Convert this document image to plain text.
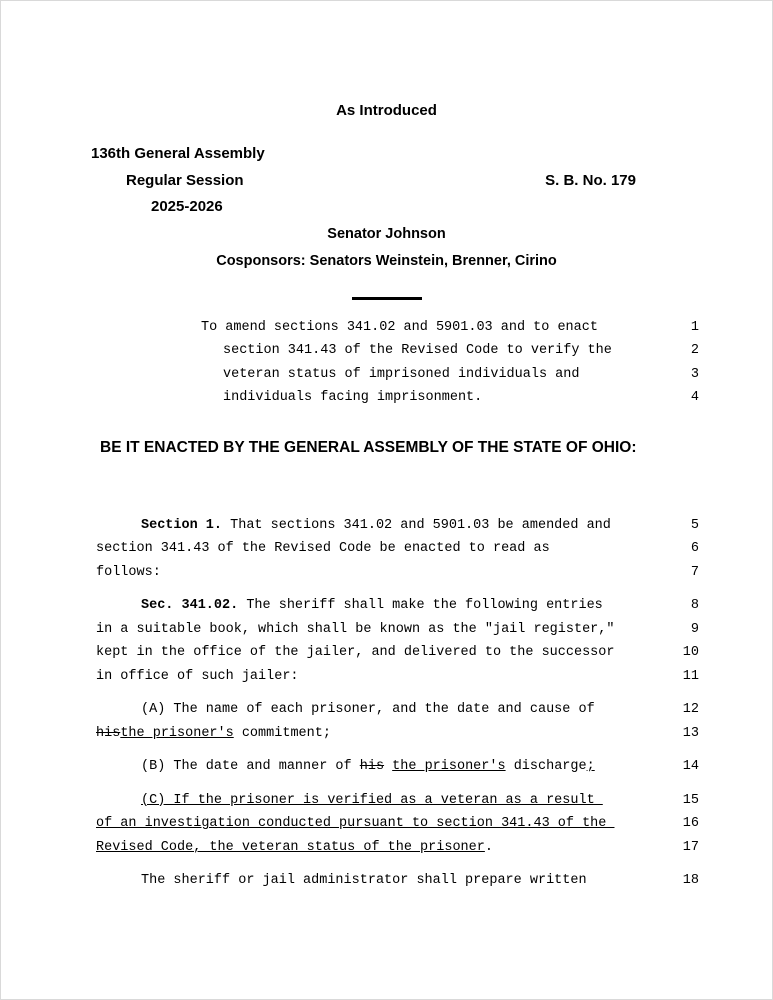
As Introduced
136th General Assembly
Regular Session	S. B. No. 179
2025-2026
Senator Johnson
Cosponsors: Senators Weinstein, Brenner, Cirino
To amend sections 341.02 and 5901.03 and to enact	1
section 341.43 of the Revised Code to verify the	2
veteran status of imprisoned individuals and	3
individuals facing imprisonment.	4
BE IT ENACTED BY THE GENERAL ASSEMBLY OF THE STATE OF OHIO:
Section 1. That sections 341.02 and 5901.03 be amended and	5
section 341.43 of the Revised Code be enacted to read as	6
follows:	7
Sec. 341.02. The sheriff shall make the following entries	8
in a suitable book, which shall be known as the "jail register,"	9
kept in the office of the jailer, and delivered to the successor	10
in office of such jailer:	11
(A) The name of each prisoner, and the date and cause of	12
histhe prisoner's commitment;	13
(B) The date and manner of his the prisoner's discharge;	14
(C) If the prisoner is verified as a veteran as a result	15
of an investigation conducted pursuant to section 341.43 of the	16
Revised Code, the veteran status of the prisoner.	17
The sheriff or jail administrator shall prepare written	18
